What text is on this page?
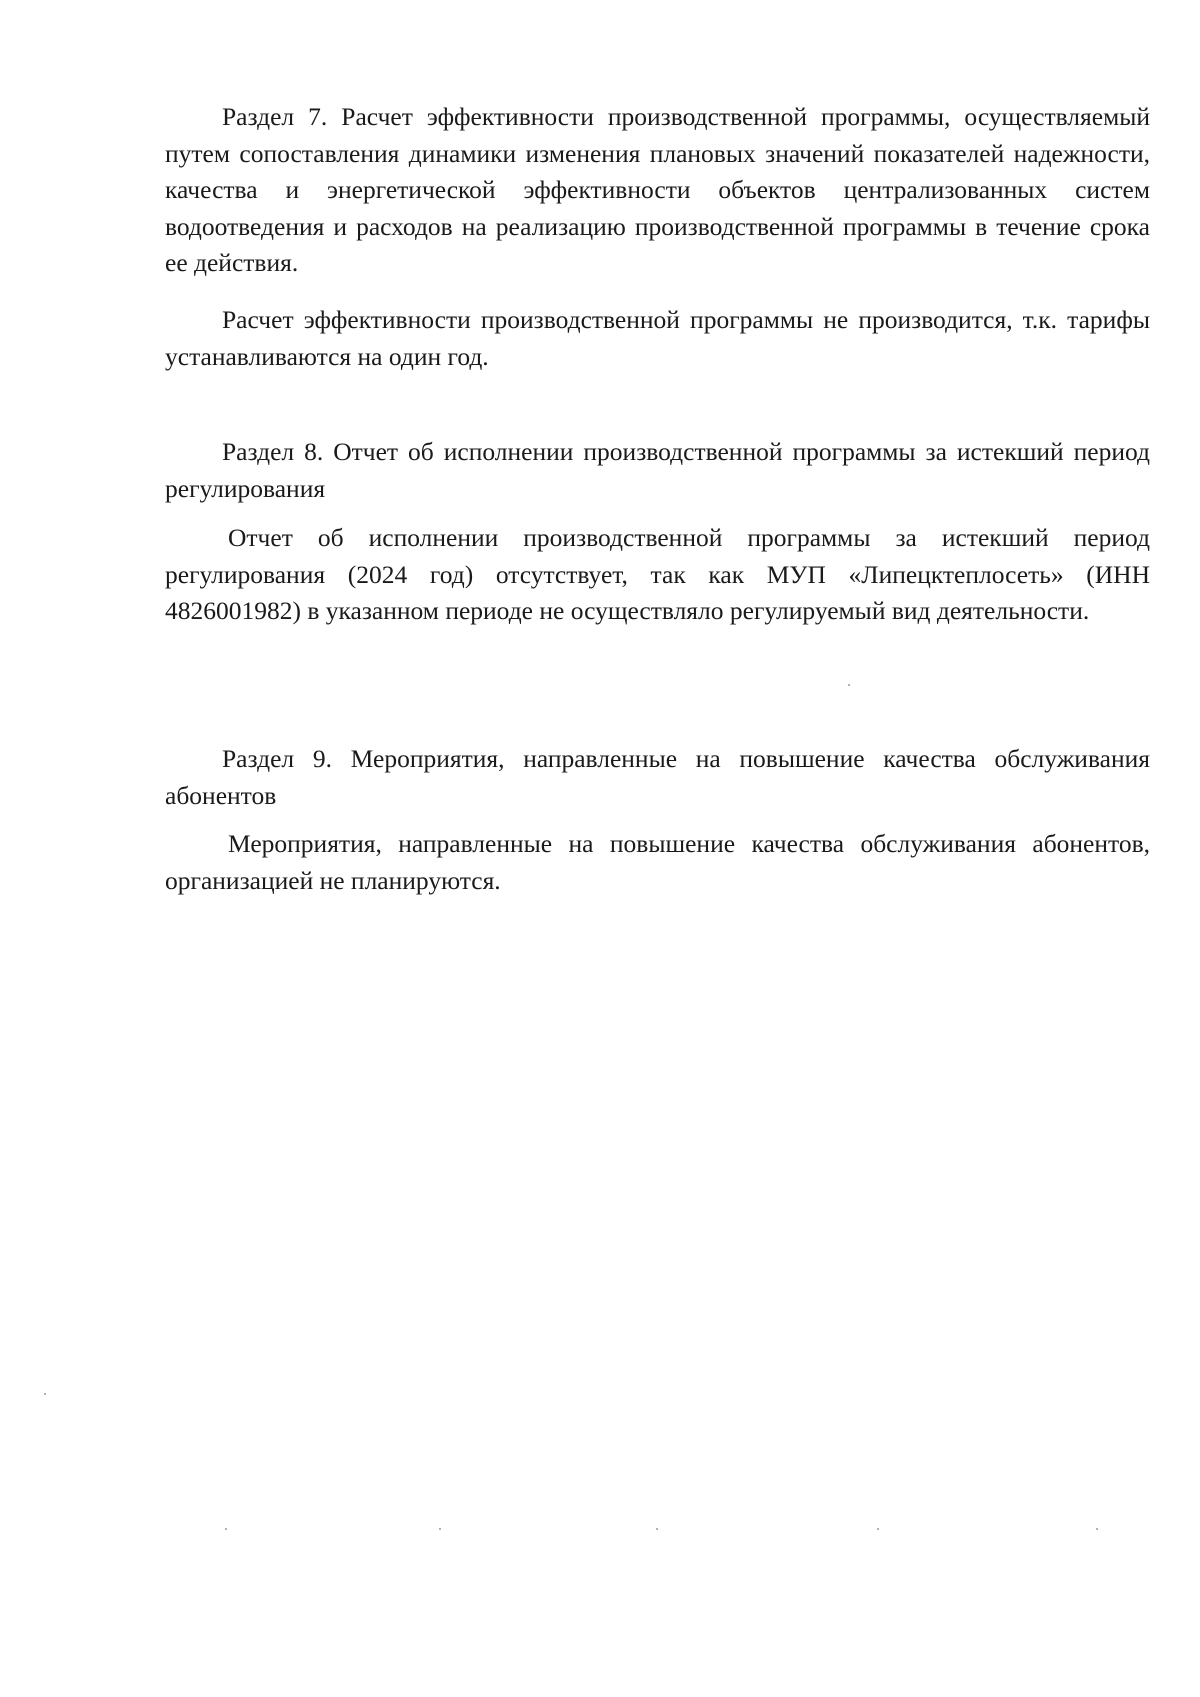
Раздел 7. Расчет эффективности производственной программы, осуществляемый путем сопоставления динамики изменения плановых значений показателей надежности, качества и энергетической эффективности объектов централизованных систем водоотведения и расходов на реализацию производственной программы в течение срока ее действия.

Расчет эффективности производственной программы не производится, т.к. тарифы устанавливаются на один год.

Раздел 8. Отчет об исполнении производственной программы за истекший период регулирования

Отчет об исполнении производственной программы за истекший период регулирования (2024 год) отсутствует, так как МУП «Липецктеплосеть» (ИНН 4826001982) в указанном периоде не осуществляло регулируемый вид деятельности.

Раздел 9. Мероприятия, направленные на повышение качества обслуживания абонентов

Мероприятия, направленные на повышение качества обслуживания абонентов, организацией не планируются.
